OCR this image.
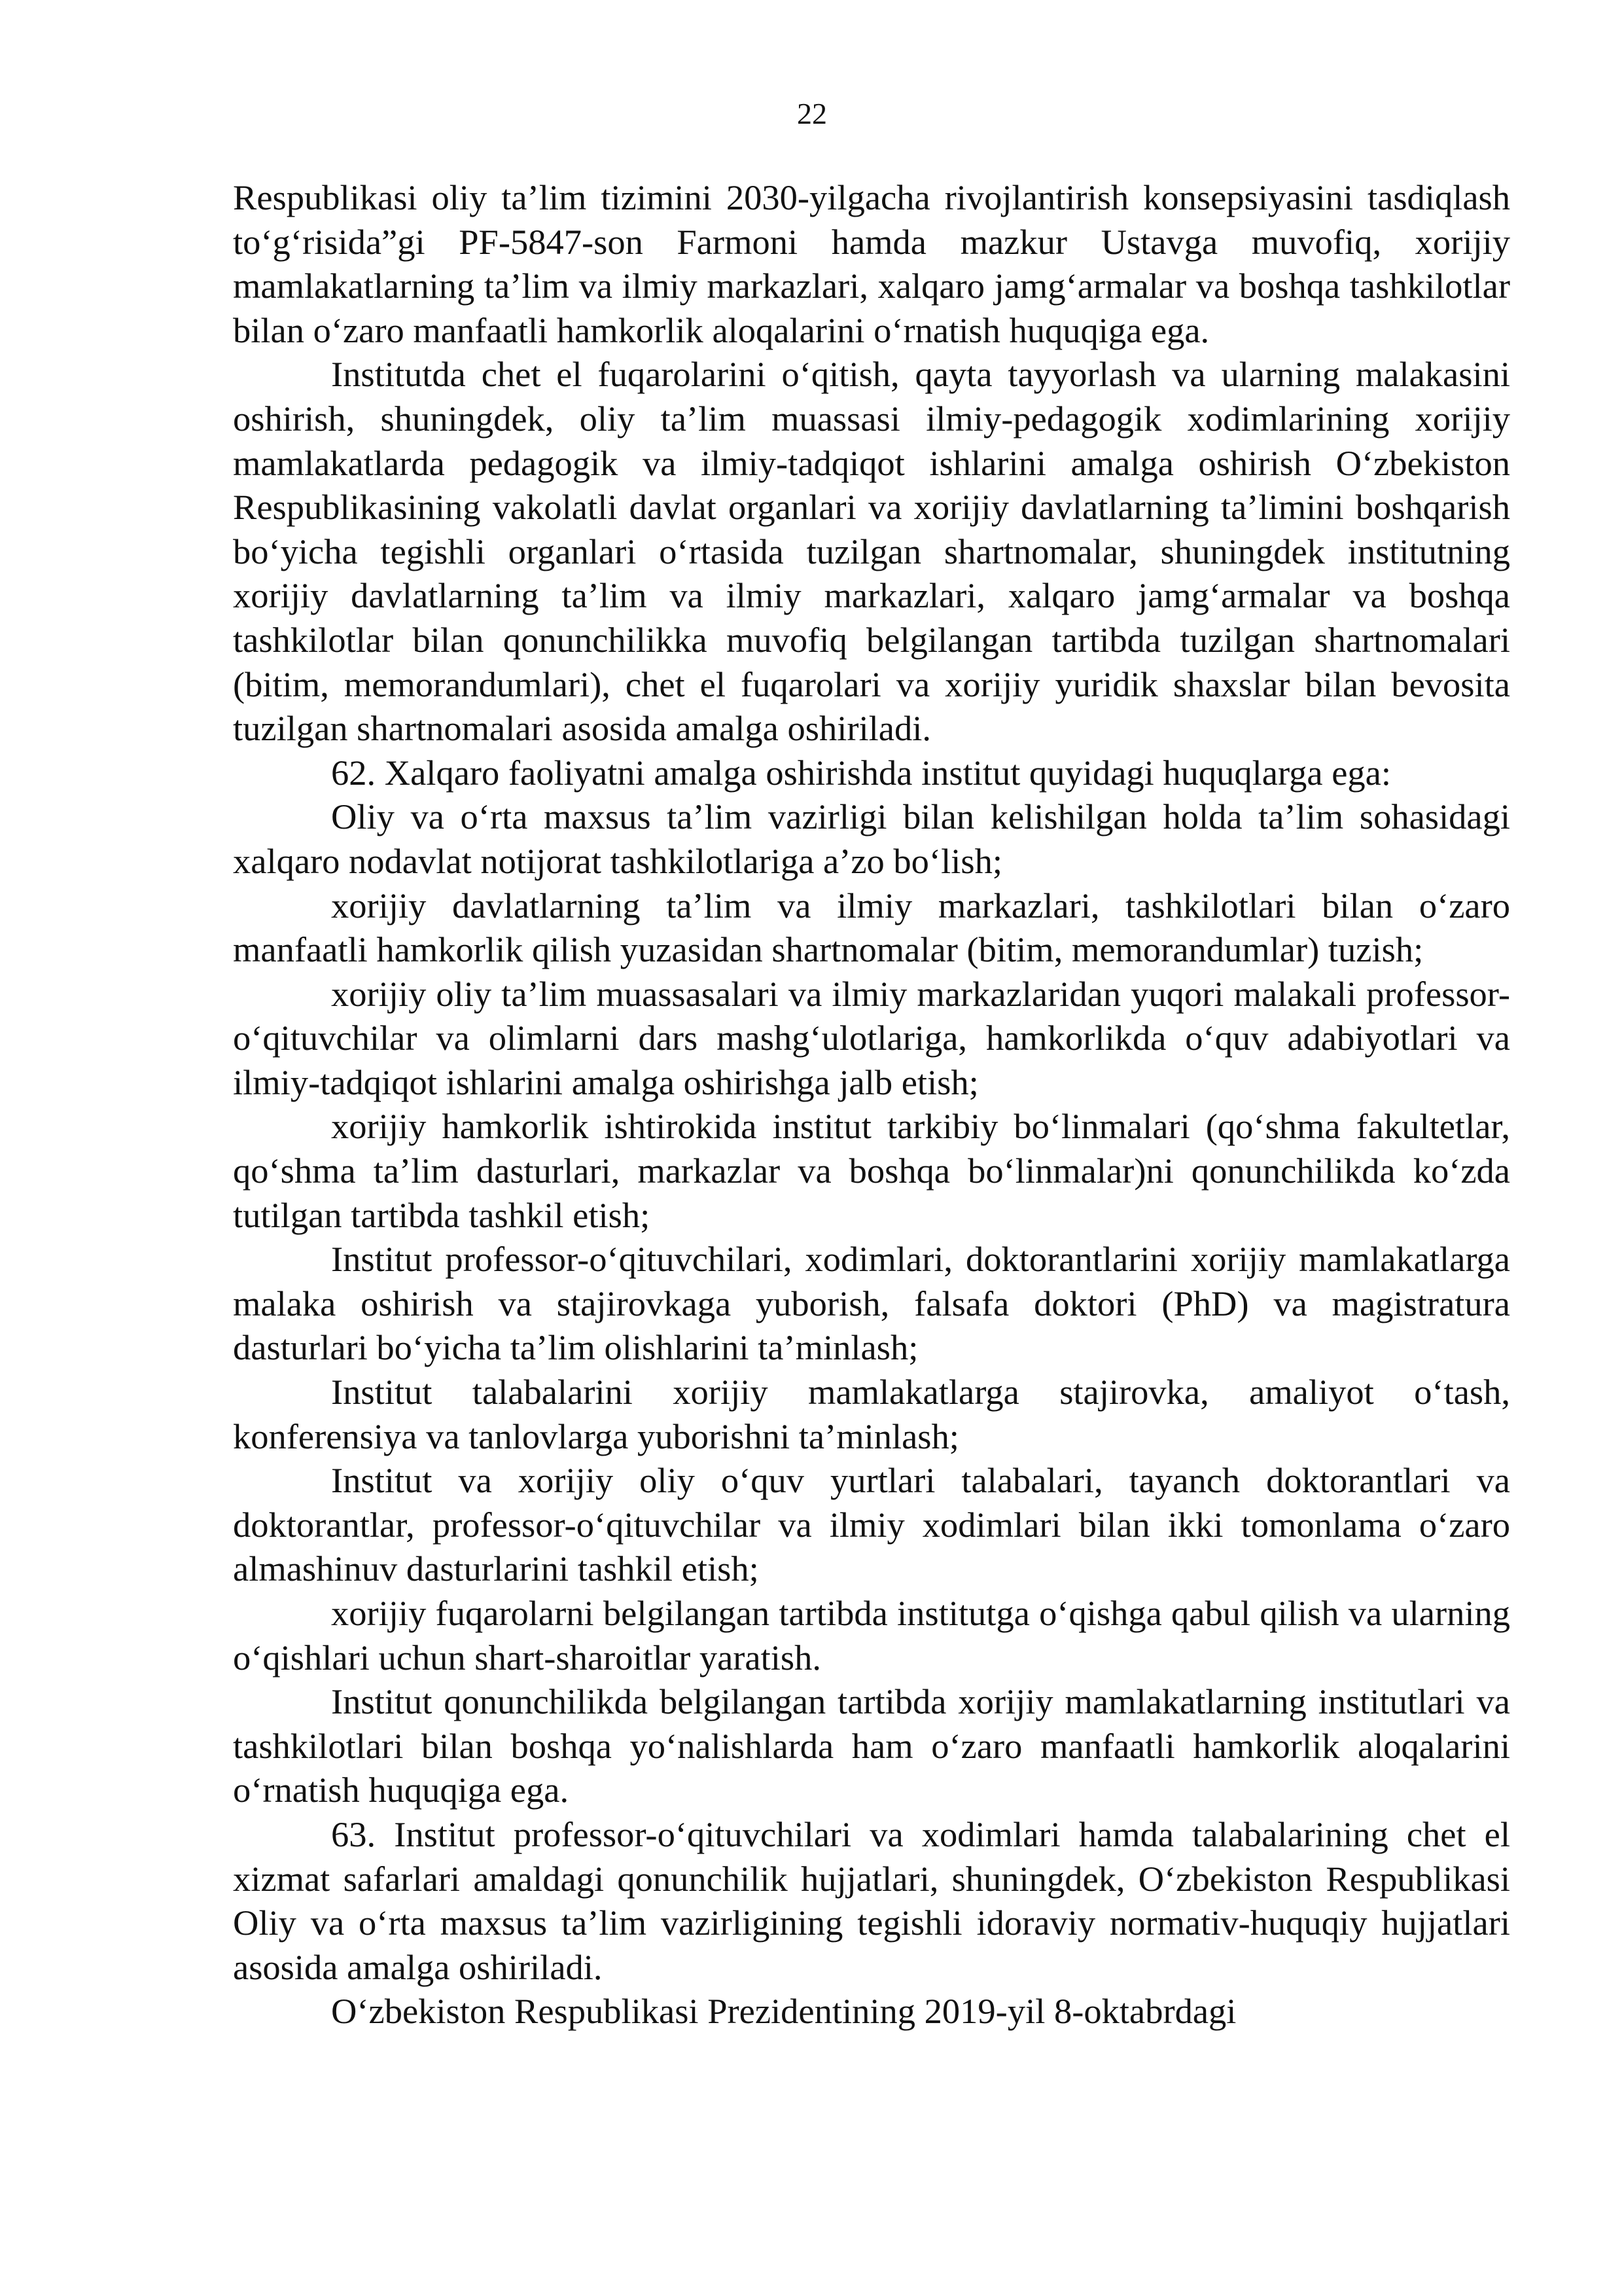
22

Respublikasi oliy ta’lim tizimini 2030-yilgacha rivojlantirish konsepsiyasini tasdiqlash to‘g‘risida”gi PF-5847-son Farmoni hamda mazkur Ustavga muvofiq, xorijiy mamlakatlarning ta’lim va ilmiy markazlari, xalqaro jamg‘armalar va boshqa tashkilotlar bilan o‘zaro manfaatli hamkorlik aloqalarini o‘rnatish huquqiga ega.

Institutda chet el fuqarolarini o‘qitish, qayta tayyorlash va ularning malakasini oshirish, shuningdek, oliy ta’lim muassasi ilmiy-pedagogik xodimlarining xorijiy mamlakatlarda pedagogik va ilmiy-tadqiqot ishlarini amalga oshirish O‘zbekiston Respublikasining vakolatli davlat organlari va xorijiy davlatlarning ta’limini boshqarish bo‘yicha tegishli organlari o‘rtasida tuzilgan shartnomalar, shuningdek institutning xorijiy davlatlarning ta’lim va ilmiy markazlari, xalqaro jamg‘armalar va boshqa tashkilotlar bilan qonunchilikka muvofiq belgilangan tartibda tuzilgan shartnomalari (bitim, memorandumlari), chet el fuqarolari va xorijiy yuridik shaxslar bilan bevosita tuzilgan shartnomalari asosida amalga oshiriladi.

62. Xalqaro faoliyatni amalga oshirishda institut quyidagi huquqlarga ega:

Oliy va o‘rta maxsus ta’lim vazirligi bilan kelishilgan holda ta’lim sohasidagi xalqaro nodavlat notijorat tashkilotlariga a’zo bo‘lish;

xorijiy davlatlarning ta’lim va ilmiy markazlari, tashkilotlari bilan o‘zaro manfaatli hamkorlik qilish yuzasidan shartnomalar (bitim, memorandumlar) tuzish;

xorijiy oliy ta’lim muassasalari va ilmiy markazlaridan yuqori malakali professor-o‘qituvchilar va olimlarni dars mashg‘ulotlariga, hamkorlikda o‘quv adabiyotlari va ilmiy-tadqiqot ishlarini amalga oshirishga jalb etish;

xorijiy hamkorlik ishtirokida institut tarkibiy bo‘linmalari (qo‘shma fakultetlar, qo‘shma ta’lim dasturlari, markazlar va boshqa bo‘linmalar)ni qonunchilikda ko‘zda tutilgan tartibda tashkil etish;

Institut professor-o‘qituvchilari, xodimlari, doktorantlarini xorijiy mamlakatlarga malaka oshirish va stajirovkaga yuborish, falsafa doktori (PhD) va magistratura dasturlari bo‘yicha ta’lim olishlarini ta’minlash;

Institut talabalarini xorijiy mamlakatlarga stajirovka, amaliyot o‘tash, konferensiya va tanlovlarga yuborishni ta’minlash;

Institut va xorijiy oliy o‘quv yurtlari talabalari, tayanch doktorantlari va doktorantlar, professor-o‘qituvchilar va ilmiy xodimlari bilan ikki tomonlama o‘zaro almashinuv dasturlarini tashkil etish;

xorijiy fuqarolarni belgilangan tartibda institutga o‘qishga qabul qilish va ularning o‘qishlari uchun shart-sharoitlar yaratish.

Institut qonunchilikda belgilangan tartibda xorijiy mamlakatlarning institutlari va tashkilotlari bilan boshqa yo‘nalishlarda ham o‘zaro manfaatli hamkorlik aloqalarini o‘rnatish huquqiga ega.

63. Institut professor-o‘qituvchilari va xodimlari hamda talabalarining chet el xizmat safarlari amaldagi qonunchilik hujjatlari, shuningdek, O‘zbekiston Respublikasi Oliy va o‘rta maxsus ta’lim vazirligining tegishli idoraviy normativ-huquqiy hujjatlari asosida amalga oshiriladi.

O‘zbekiston Respublikasi Prezidentining 2019-yil 8-oktabrdagi
